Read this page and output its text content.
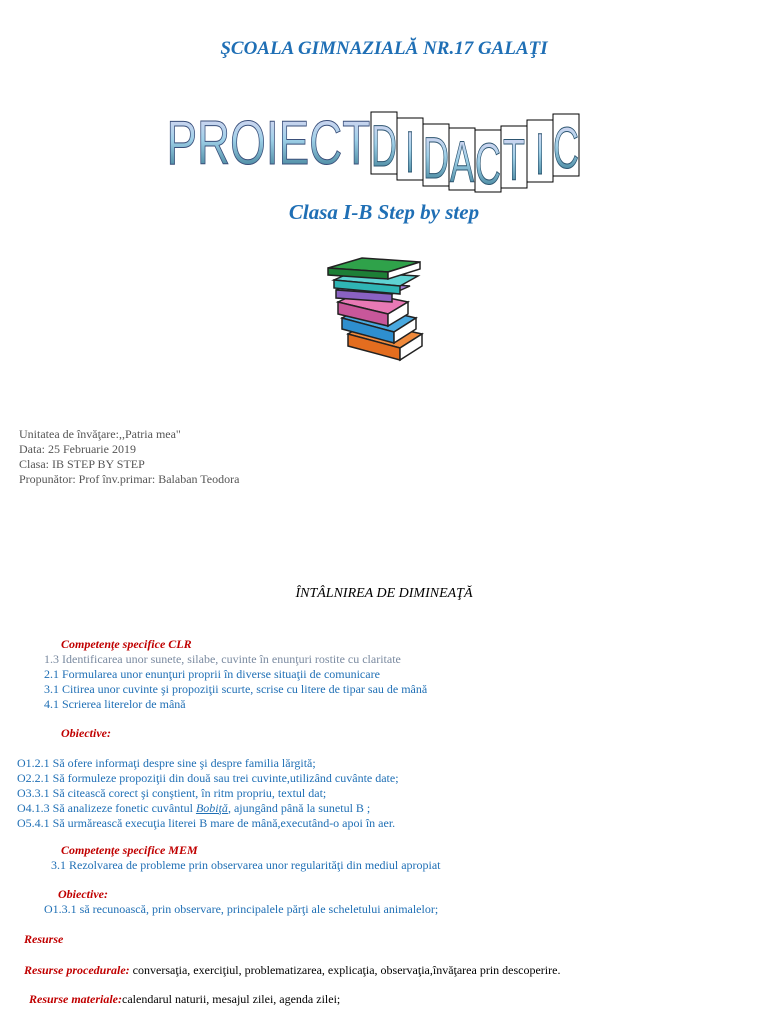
ŞCOALA GIMNAZIALĂ NR.17 GALAŢI
PROIECT D I D A C T I C
Clasa I-B Step by step
Unitatea de învăţare:,,Patria mea"
Data: 25 Februarie 2019
Clasa: IB STEP BY STEP
Propunător: Prof înv.primar: Balaban Teodora
ÎNTÂLNIREA DE DIMINEAŢĂ
Competenţe specifice CLR
1.3 Identificarea unor sunete, silabe, cuvinte în enunţuri rostite cu claritate
2.1 Formularea unor enunţuri proprii în diverse situaţii de comunicare
3.1 Citirea unor cuvinte şi propoziţii scurte, scrise cu litere de tipar sau de mână
4.1 Scrierea literelor de mână
Obiective:
O1.2.1 Să ofere informaţi despre sine şi despre familia lărgită;
O2.2.1 Să formuleze propoziţii din două sau trei cuvinte,utilizând cuvânte date;
O3.3.1 Să citească corect şi conştient, în ritm propriu, textul dat;
O4.1.3 Să analizeze fonetic cuvântul Bobiţă, ajungând până la sunetul B ;
O5.4.1 Să urmărească execuţia literei B mare de mână,executând-o apoi în aer.
Competenţe specifice MEM
3.1 Rezolvarea de probleme prin observarea unor regularităţi din mediul apropiat
Obiective:
O1.3.1 să recunoască, prin observare, principalele părţi ale scheletului animalelor;
Resurse
Resurse procedurale: conversaţia, exerciţiul, problematizarea, explicaţia, observaţia,învăţarea prin descoperire.
Resurse materiale:calendarul naturii, mesajul zilei, agenda zilei;
